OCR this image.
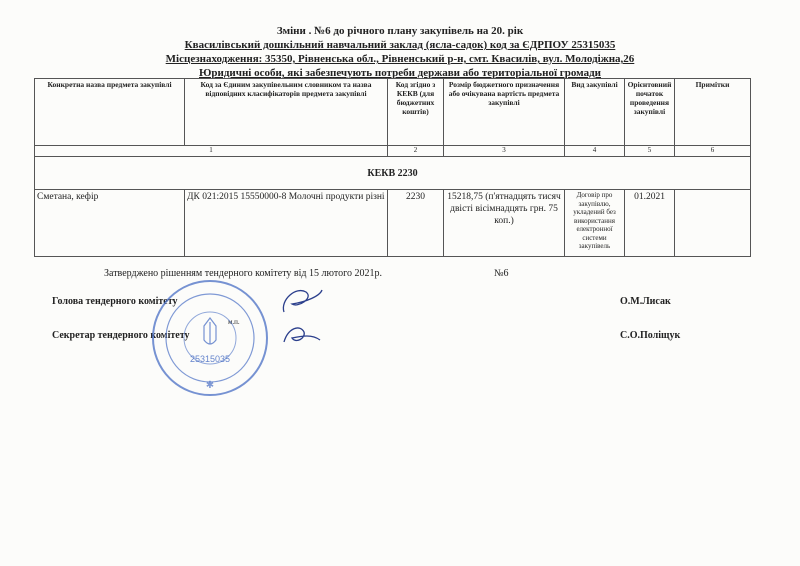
Зміни . №6 до річного плану закупівель на 20. рік
Квасилівський дошкільний навчальний заклад (ясла-садок) код за ЄДРПОУ 25315035
Місцезнаходження: 35350, Рівненська обл., Рівненський р-н, смт. Квасилів, вул. Молодіжна,26
Юридичні особи, які забезпечують потреби держави або територіальної громади
Конкретна назва предмета закупівлі	Код за Єдиним закупівельним словником та назва відповідних класифікаторів предмета закупівлі	Код згідно з КЕКВ (для бюджетних коштів)	Розмір бюджетного призначення або очікувана вартість предмета закупівлі	Вид закупівлі	Орієнтовний початок проведення закупівлі	Примітки
1		2	3	4	5	6
КЕКВ 2230						
Сметана, кефір	ДК 021:2015 15550000-8 Молочні продукти різні	2230	15218,75 (п'ятнадцять тисяч двісті вісімнадцять грн. 75 коп.)	Договір про закупівлю, укладений без використання електронної системи закупівель	01.2021	
Затверджено рішенням тендерного комітету від 15 лютого 2021р.	№6
Голова тендерного комітету	О.М.Лисак
Секретар тендерного комітету	С.О.Поліщук
м.п.
25315035
✱
